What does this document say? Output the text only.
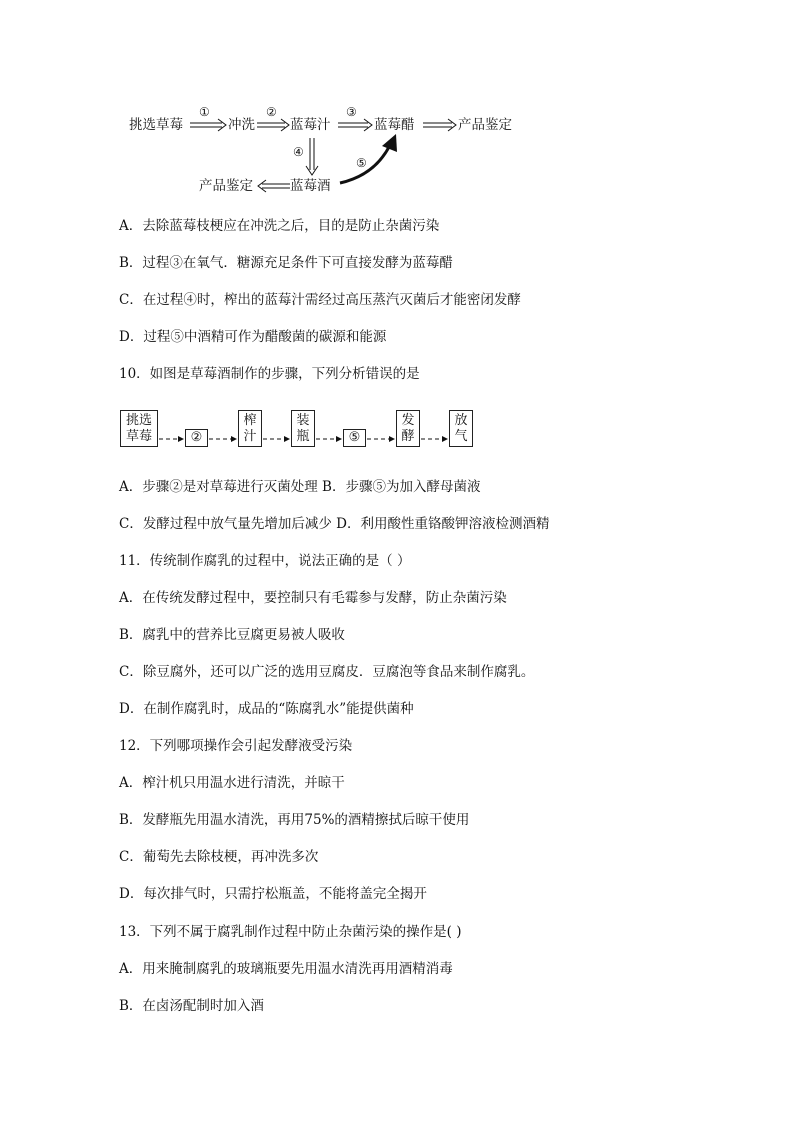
挑选草莓	冲洗	蓝莓汁	蓝莓醋	产品鉴定
蓝莓酒
产品鉴定
①	②	③
④
⑤
A．去除蓝莓枝梗应在冲洗之后，目的是防止杂菌污染
B．过程③在氧气．糖源充足条件下可直接发酵为蓝莓醋
C．在过程④时，榨出的蓝莓汁需经过高压蒸汽灭菌后才能密闭发酵
D．过程⑤中酒精可作为醋酸菌的碳源和能源
10．如图是草莓酒制作的步骤，下列分析错误的是
挑选
草莓	②
榨
汁
装
瓶	⑤
发
酵
放
气
A．步骤②是对草莓进行灭菌处理 B．步骤⑤为加入酵母菌液
C．发酵过程中放气量先增加后减少 D．利用酸性重铬酸钾溶液检测酒精
11．传统制作腐乳的过程中，说法正确的是（ ）
A．在传统发酵过程中，要控制只有毛霉参与发酵，防止杂菌污染
B．腐乳中的营养比豆腐更易被人吸收
C．除豆腐外，还可以广泛的选用豆腐皮．豆腐泡等食品来制作腐乳。
D．在制作腐乳时，成品的“陈腐乳水”能提供菌种
12．下列哪项操作会引起发酵液受污染
A．榨汁机只用温水进行清洗，并晾干
B．发酵瓶先用温水清洗，再用75%的酒精擦拭后晾干使用
C．葡萄先去除枝梗，再冲洗多次
D．每次排气时，只需拧松瓶盖，不能将盖完全揭开
13．下列不属于腐乳制作过程中防止杂菌污染的操作是( )
A．用来腌制腐乳的玻璃瓶要先用温水清洗再用酒精消毒
B．在卤汤配制时加入酒
